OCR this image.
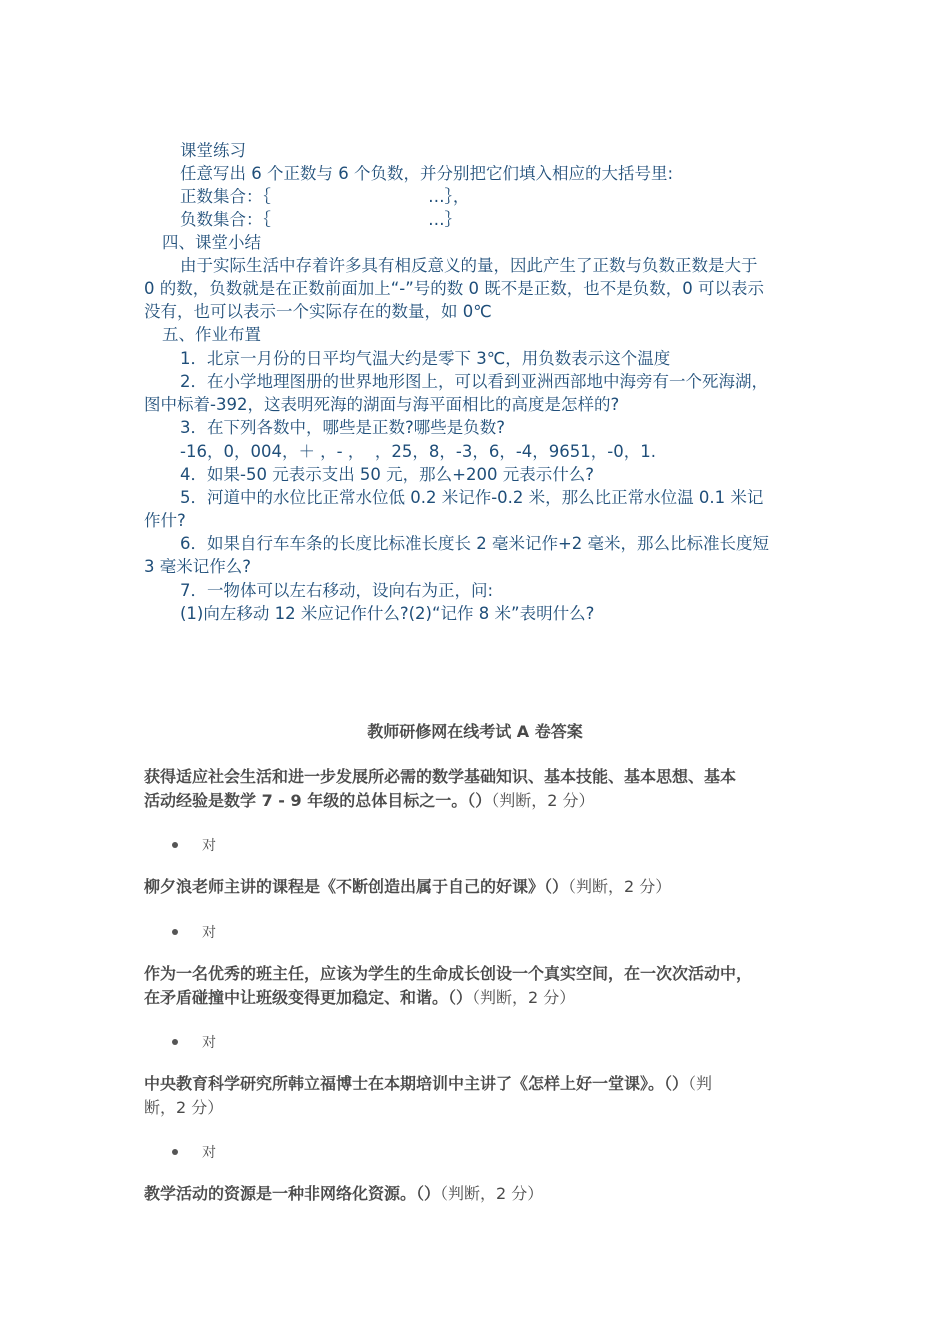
课堂练习
任意写出 6 个正数与 6 个负数，并分别把它们填入相应的大括号里:
正数集合：｛                              …｝，
负数集合：｛                              …｝
四、课堂小结
由于实际生活中存着许多具有相反意义的量，因此产生了正数与负数正数是大于
0 的数，负数就是在正数前面加上“-”号的数 0 既不是正数，也不是负数，0 可以表示
没有，也可以表示一个实际存在的数量，如 0℃
五、作业布置
1．北京一月份的日平均气温大约是零下 3℃，用负数表示这个温度
2．在小学地理图册的世界地形图上，可以看到亚洲西部地中海旁有一个死海湖，
图中标着-392，这表明死海的湖面与海平面相比的高度是怎样的?
3．在下列各数中，哪些是正数?哪些是负数?
-16，0，004，＋ ，- ，  ，25，8，-3，6，-4，9651，-0，1.
4．如果-50 元表示支出 50 元，那么+200 元表示什么?
5．河道中的水位比正常水位低 0.2 米记作-0.2 米，那么比正常水位温 0.1 米记
作什?
6．如果自行车车条的长度比标准长度长 2 毫米记作+2 毫米，那么比标准长度短
3 毫米记作么?
7．一物体可以左右移动，设向右为正，问:
(1)向左移动 12 米应记作什么?(2)“记作 8 米”表明什么?
教师研修网在线考试 A 卷答案
获得适应社会生活和进一步发展所必需的数学基础知识、基本技能、基本思想、基本
活动经验是数学 7 - 9 年级的总体目标之一。（）（判断，2 分）
对
柳夕浪老师主讲的课程是《不断创造出属于自己的好课》（）（判断，2 分）
对
作为一名优秀的班主任，应该为学生的生命成长创设一个真实空间，在一次次活动中，
在矛盾碰撞中让班级变得更加稳定、和谐。（）（判断，2 分）
对
中央教育科学研究所韩立福博士在本期培训中主讲了《怎样上好一堂课》。（）（判
断，2 分）
对
教学活动的资源是一种非网络化资源。（）（判断，2 分）
